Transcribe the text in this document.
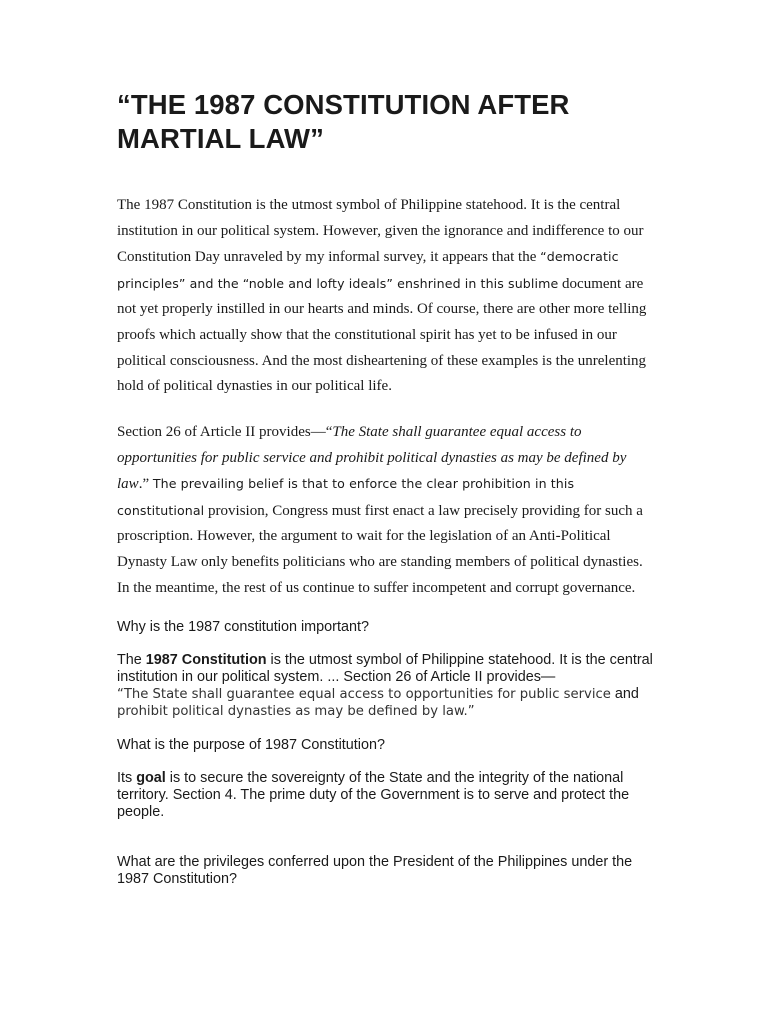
“THE 1987 CONSTITUTION AFTER MARTIAL LAW”

The 1987 Constitution is the utmost symbol of Philippine statehood. It is the central institution in our political system. However, given the ignorance and indifference to our Constitution Day unraveled by my informal survey, it appears that the “democratic principles” and the “noble and lofty ideals” enshrined in this sublime document are not yet properly instilled in our hearts and minds. Of course, there are other more telling proofs which actually show that the constitutional spirit has yet to be infused in our political consciousness. And the most disheartening of these examples is the unrelenting hold of political dynasties in our political life.

Section 26 of Article II provides—“The State shall guarantee equal access to opportunities for public service and prohibit political dynasties as may be defined by law.” The prevailing belief is that to enforce the clear prohibition in this constitutional provision, Congress must first enact a law precisely providing for such a proscription. However, the argument to wait for the legislation of an Anti-Political Dynasty Law only benefits politicians who are standing members of political dynasties. In the meantime, the rest of us continue to suffer incompetent and corrupt governance.

Why is the 1987 constitution important?

The 1987 Constitution is the utmost symbol of Philippine statehood. It is the central institution in our political system. ... Section 26 of Article II provides—
“The State shall guarantee equal access to opportunities for public service and prohibit political dynasties as may be defined by law.”

What is the purpose of 1987 Constitution?

Its goal is to secure the sovereignty of the State and the integrity of the national territory. Section 4. The prime duty of the Government is to serve and protect the people.

What are the privileges conferred upon the President of the Philippines under the 1987 Constitution?
